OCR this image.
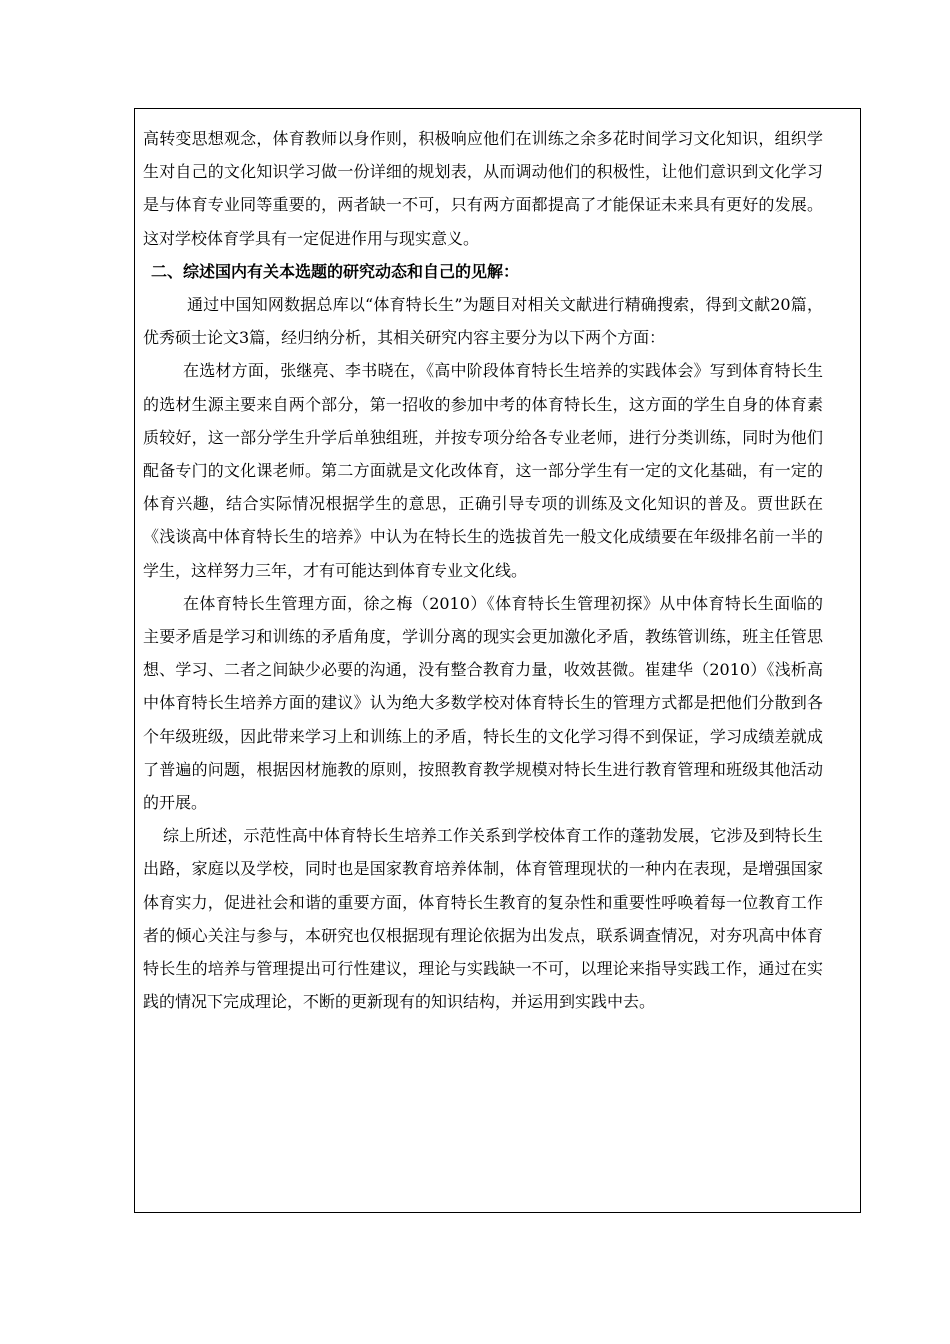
高转变思想观念，体育教师以身作则，积极响应他们在训练之余多花时间学习文化知识，组织学生对自己的文化知识学习做一份详细的规划表，从而调动他们的积极性，让他们意识到文化学习是与体育专业同等重要的，两者缺一不可，只有两方面都提高了才能保证未来具有更好的发展。这对学校体育学具有一定促进作用与现实意义。

二、综述国内有关本选题的研究动态和自己的见解：

通过中国知网数据总库以“体育特长生”为题目对相关文献进行精确搜索，得到文献20篇，优秀硕士论文3篇，经归纳分析，其相关研究内容主要分为以下两个方面：

在选材方面，张继亮、李书晓在，《高中阶段体育特长生培养的实践体会》写到体育特长生的选材生源主要来自两个部分，第一招收的参加中考的体育特长生，这方面的学生自身的体育素质较好，这一部分学生升学后单独组班，并按专项分给各专业老师，进行分类训练，同时为他们配备专门的文化课老师。第二方面就是文化改体育，这一部分学生有一定的文化基础，有一定的体育兴趣，结合实际情况根据学生的意思，正确引导专项的训练及文化知识的普及。贾世跃在《浅谈高中体育特长生的培养》中认为在特长生的选拔首先一般文化成绩要在年级排名前一半的学生，这样努力三年，才有可能达到体育专业文化线。

在体育特长生管理方面，徐之梅（2010）《体育特长生管理初探》从中体育特长生面临的主要矛盾是学习和训练的矛盾角度，学训分离的现实会更加激化矛盾，教练管训练，班主任管思想、学习、二者之间缺少必要的沟通，没有整合教育力量，收效甚微。崔建华（2010）《浅析高中体育特长生培养方面的建议》认为绝大多数学校对体育特长生的管理方式都是把他们分散到各个年级班级，因此带来学习上和训练上的矛盾，特长生的文化学习得不到保证，学习成绩差就成了普遍的问题，根据因材施教的原则，按照教育教学规模对特长生进行教育管理和班级其他活动的开展。

综上所述，示范性高中体育特长生培养工作关系到学校体育工作的蓬勃发展，它涉及到特长生出路，家庭以及学校，同时也是国家教育培养体制，体育管理现状的一种内在表现，是增强国家体育实力，促进社会和谐的重要方面，体育特长生教育的复杂性和重要性呼唤着每一位教育工作者的倾心关注与参与，本研究也仅根据现有理论依据为出发点，联系调查情况，对夯巩高中体育特长生的培养与管理提出可行性建议，理论与实践缺一不可，以理论来指导实践工作，通过在实践的情况下完成理论，不断的更新现有的知识结构，并运用到实践中去。
